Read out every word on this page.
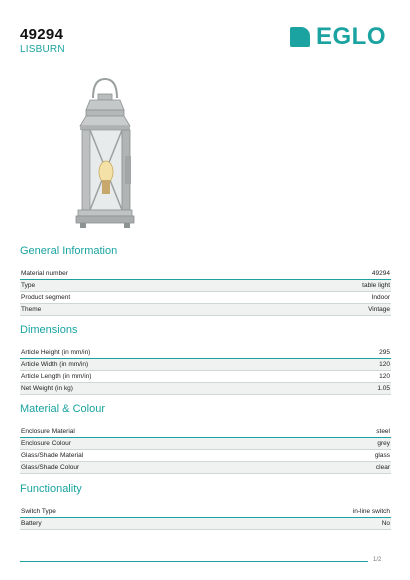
49294
LISBURN	EGLO
General Information
Material number	49294
Type	table light
Product segment	Indoor
Theme	Vintage
Dimensions
Article Height (in mm/in)	295
Article Width (in mm/in)	120
Article Length (in mm/in)	120
Net Weight (in kg)	1.05
Material & Colour
Enclosure Material	steel
Enclosure Colour	grey
Glass/Shade Material	glass
Glass/Shade Colour	clear
Functionality
Switch Type	in-line switch
Battery	No
1/2
